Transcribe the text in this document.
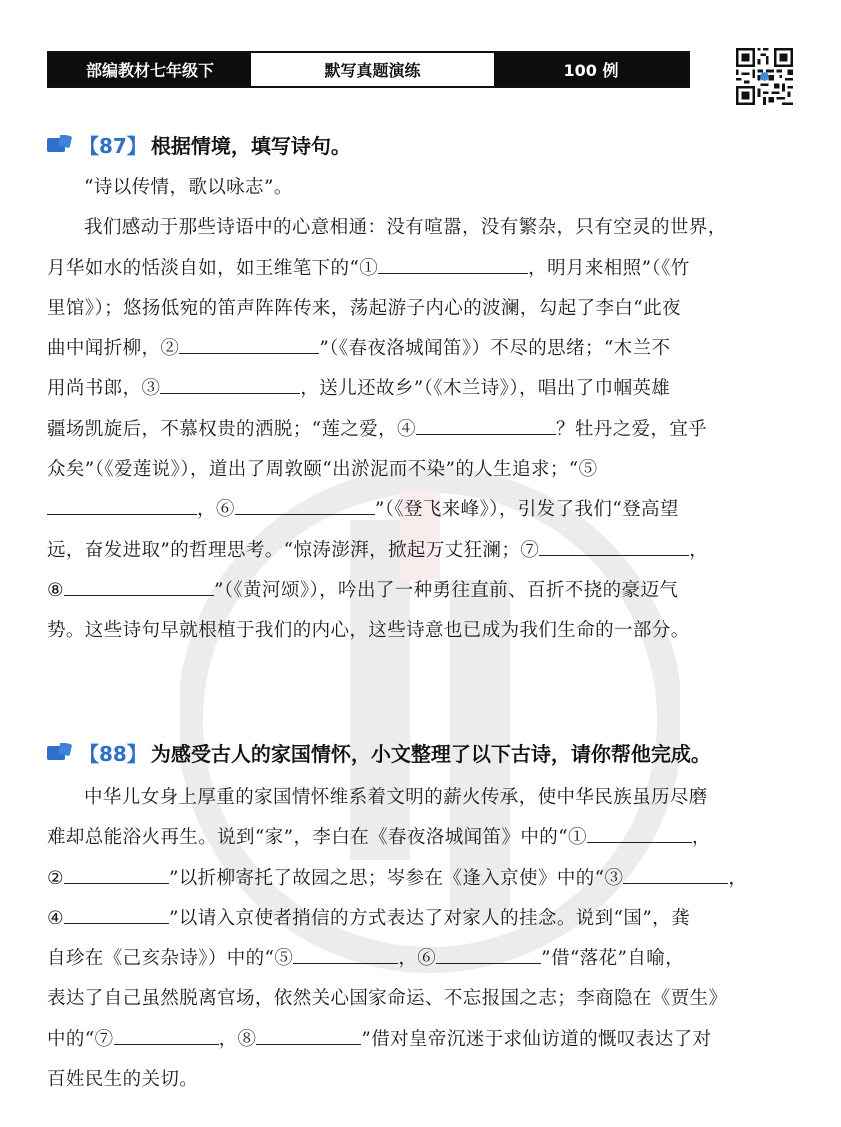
部编教材七年级下	默写真题演练	100 例
【87】 根据情境，填写诗句。

“诗以传情，歌以咏志”。

我们感动于那些诗语中的心意相通：没有喧嚣，没有繁杂，只有空灵的世界，

月华如水的恬淡自如，如王维笔下的“①	，明月来相照”（《竹

里馆》）；悠扬低宛的笛声阵阵传来，荡起游子内心的波澜，勾起了李白“此夜

曲中闻折柳，②	”（《春夜洛城闻笛》）不尽的思绪；“木兰不

用尚书郎，③	，送儿还故乡”（《木兰诗》），唱出了巾帼英雄

疆场凯旋后，不慕权贵的洒脱；“莲之爱，④	？牡丹之爱，宜乎

众矣”（《爱莲说》），道出了周敦颐“出淤泥而不染”的人生追求；“⑤

，⑥	”（《登飞来峰》），引发了我们“登高望

远，奋发进取”的哲理思考。“惊涛澎湃，掀起万丈狂澜；⑦	，

⑧	”（《黄河颂》），吟出了一种勇往直前、百折不挠的豪迈气

势。这些诗句早就根植于我们的内心，这些诗意也已成为我们生命的一部分。

【88】 为感受古人的家国情怀，小文整理了以下古诗，请你帮他完成。

中华儿女身上厚重的家国情怀维系着文明的薪火传承，使中华民族虽历尽磨

难却总能浴火再生。说到“家”，李白在《春夜洛城闻笛》中的“①	，

②	”以折柳寄托了故园之思；岑参在《逢入京使》中的“③	，

④	”以请入京使者捎信的方式表达了对家人的挂念。说到“国”，龚

自珍在《己亥杂诗》）中的“⑤	，⑥	”借“落花”自喻，

表达了自己虽然脱离官场，依然关心国家命运、不忘报国之志；李商隐在《贾生》

中的“⑦	，⑧	”借对皇帝沉迷于求仙访道的慨叹表达了对

百姓民生的关切。
